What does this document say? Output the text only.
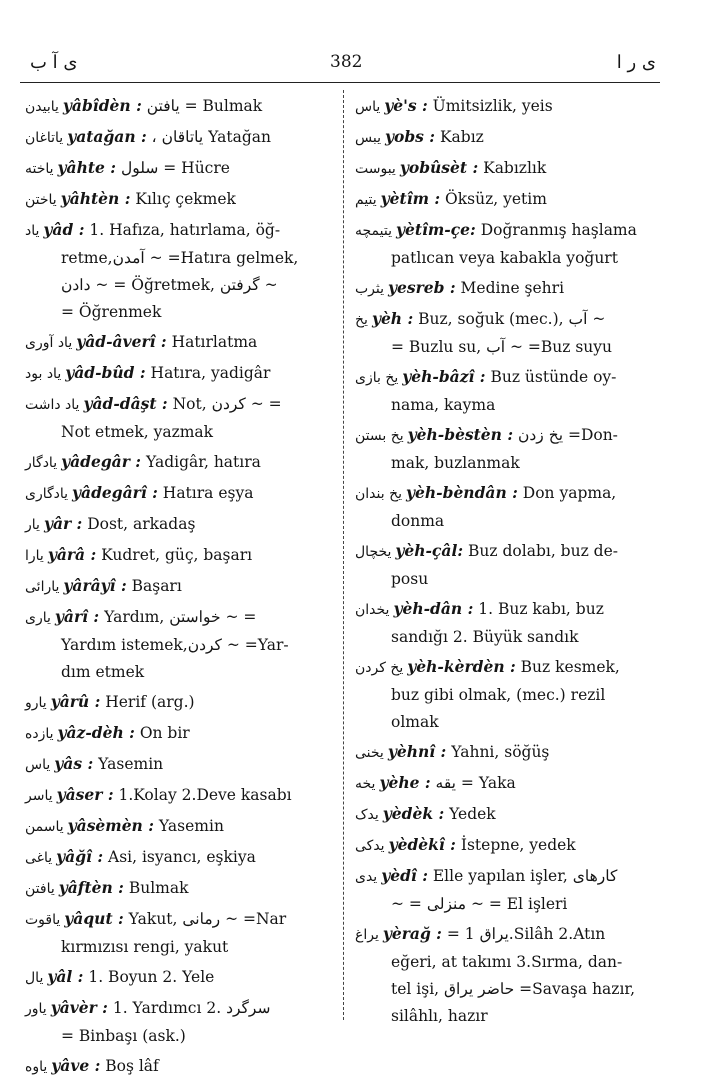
ی آ ب	382	ی ر ا
یابیدن yâbîdèn : یافتن = Bulmak
یاتاغان yatağan : ، یاتاقان Yatağan
یاخته yâhte : سلول = Hücre
یاختن yâhtèn : Kılıç çekmek
یاد yâd : 1. Hafıza, hatırlama, öğ-
retme,آمدن ~ =Hatıra gelmek,
دادن ~ = Öğretmek, گرفتن ~
= Öğrenmek
یاد آوری yâd-âverî : Hatırlatma
یاد بود yâd-bûd : Hatıra, yadigâr
یاد داشت yâd-dâşt : Not, کردن ~ =
Not etmek, yazmak
یادگار yâdegâr : Yadigâr, hatıra
یادگاری yâdegârî : Hatıra eşya
یار yâr : Dost, arkadaş
یارا yârâ : Kudret, güç, başarı
یارائی yârâyî : Başarı
یاری yârî : Yardım, خواستن ~ =
Yardım istemek,کردن ~ =Yar-
dım etmek
یارو yârû : Herif (arg.)
یازده yâz-dèh : On bir
یاس yâs : Yasemin
یاسر yâser : 1.Kolay 2.Deve kasabı
یاسمن yâsèmèn : Yasemin
یاغی yâğî : Asi, isyancı, eşkiya
یافتن yâftèn : Bulmak
یاقوت yâqut : Yakut, رمانی ~ =Nar
kırmızısı rengi, yakut
یال yâl : 1. Boyun 2. Yele
یاور yâvèr : 1. Yardımcı 2. سرگرد
= Binbaşı (ask.)
یاوه yâve : Boş lâf
یاس yè's : Ümitsizlik, yeis
یبس yobs : Kabız
یبوست yobûsèt : Kabızlık
یتیم yètîm : Öksüz, yetim
یتیمچه yètîm-çe: Doğranmış haşlama
patlıcan veya kabakla yoğurt
یثرب yesreb : Medine şehri
یخ yèh : Buz, soğuk (mec.), آب ~
= Buzlu su, آب ~ =Buz suyu
یخ بازی yèh-bâzî : Buz üstünde oy-
nama, kayma
یخ بستن yèh-bèstèn : یخ زدن =Don-
mak, buzlanmak
یخ بندان yèh-bèndân : Don yapma,
donma
یخچال yèh-çâl: Buz dolabı, buz de-
posu
یخدان yèh-dân : 1. Buz kabı, buz
sandığı 2. Büyük sandık
یخ کردن yèh-kèrdèn : Buz kesmek,
buz gibi olmak, (mec.) rezil
olmak
یخنی yèhnî : Yahni, söğüş
یخه yèhe : یقه = Yaka
یدک yèdèk : Yedek
یدکی yèdèkî : İstepne, yedek
یدی yèdî : Elle yapılan işler, کارهای
~ = منزلی ~ = El işleri
یراغ yèrağ : = یراق 1.Silâh 2.Atın
eğeri, at takımı 3.Sırma, dan-
tel işi, حاضر یراق =Savaşa hazır,
silâhlı, hazır
